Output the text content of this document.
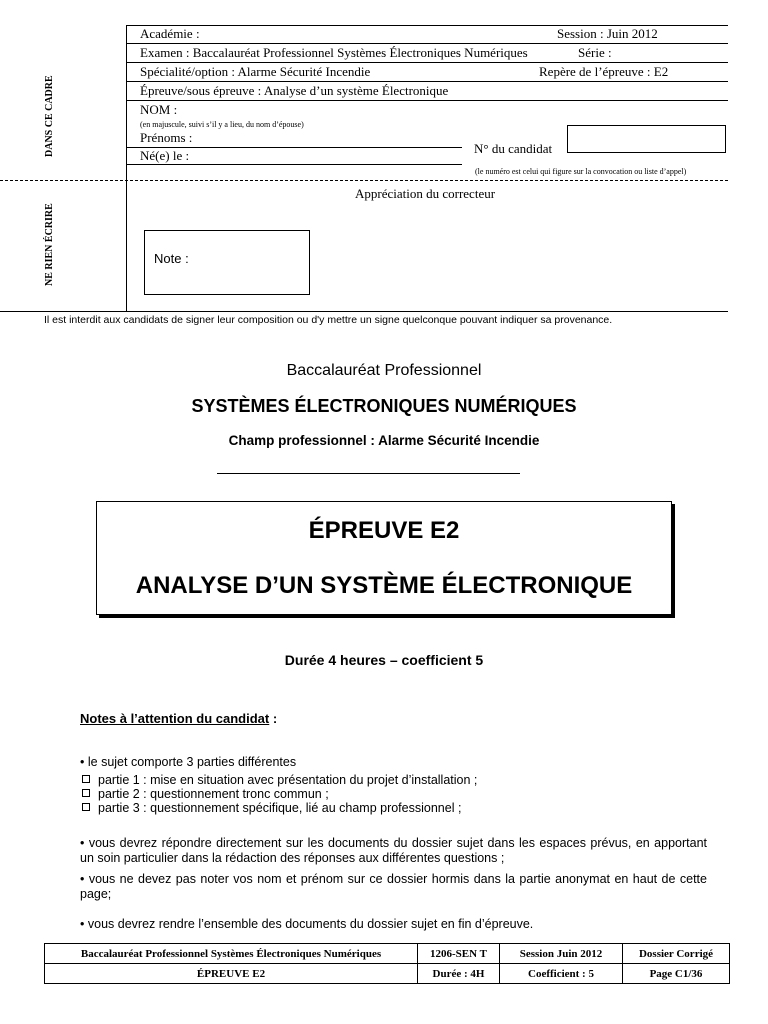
Académie :	Session : Juin 2012
Examen : Baccalauréat Professionnel Systèmes Électroniques Numériques	Série :
Spécialité/option : Alarme Sécurité Incendie	Repère de l’épreuve : E2
Épreuve/sous épreuve : Analyse d’un système Électronique
NOM :
(en majuscule, suivi s’il y a lieu, du nom d’épouse)
Prénoms :
Né(e) le :	N° du candidat
(le numéro est celui qui figure sur la convocation ou liste d’appel)
DANS CE CADRE
NE RIEN ÉCRIRE
Appréciation du correcteur
Note :
Il est interdit aux candidats de signer leur composition ou d'y mettre un signe quelconque pouvant indiquer sa provenance.
Baccalauréat Professionnel
SYSTÈMES ÉLECTRONIQUES NUMÉRIQUES
Champ professionnel : Alarme Sécurité Incendie
ÉPREUVE E2
ANALYSE D’UN SYSTÈME ÉLECTRONIQUE
Durée 4 heures – coefficient 5
Notes à l’attention du candidat :
• le sujet comporte 3 parties différentes
partie 1 : mise en situation avec présentation du projet d’installation ;
partie 2 : questionnement tronc commun ;
partie 3 : questionnement spécifique, lié au champ professionnel ;
• vous devrez répondre directement sur les documents du dossier sujet dans les espaces prévus, en apportant un soin particulier dans la rédaction des réponses aux différentes questions ;
• vous ne devez pas noter vos nom et prénom sur ce dossier hormis dans la partie anonymat en haut de cette page;
• vous devrez rendre l’ensemble des documents du dossier sujet en fin d’épreuve.
Baccalauréat Professionnel Systèmes Électroniques Numériques	1206-SEN T	Session Juin 2012	Dossier Corrigé
ÉPREUVE E2	Durée : 4H	Coefficient : 5	Page C1/36
